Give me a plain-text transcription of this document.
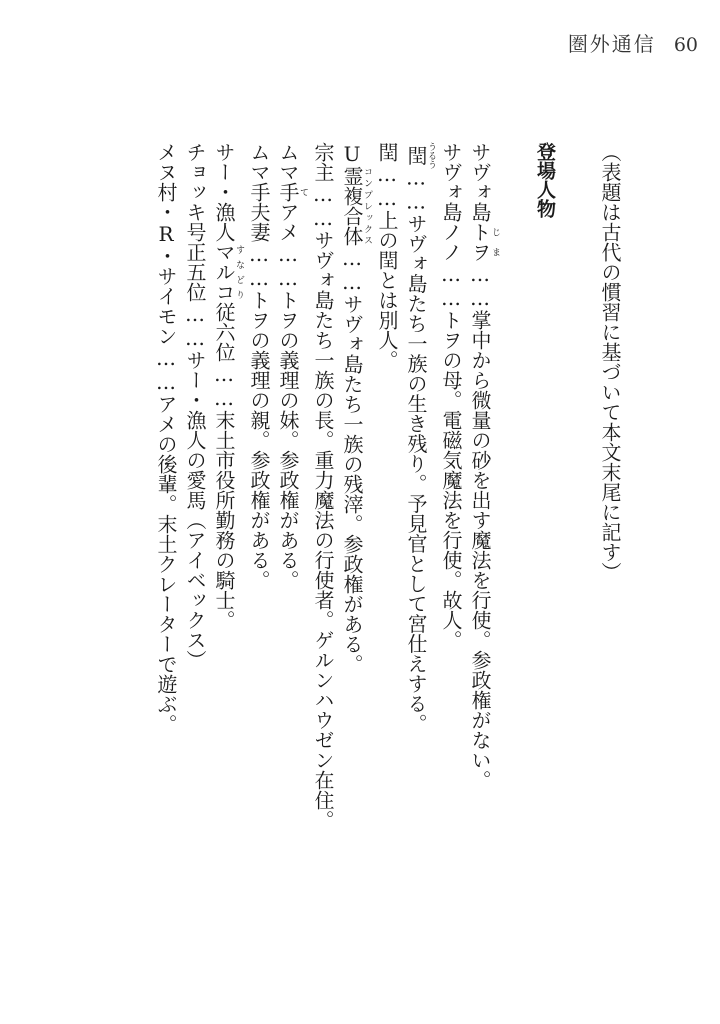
圏外通信 60
（表題は古代の慣習に基づいて本文末尾に記す）
登場人物
サヴォ島トヲじま……掌中から微量の砂を出す魔法を行使。参政権がない。
サヴォ島ノノ……トヲの母。電磁気魔法を行使。故人。
閏うるう……サヴォ島たち一族の生き残り。予見官として宮仕えする。
閏……上の閏とは別人。
U霊複合体コンプレックス……サヴォ島たち一族の残滓。参政権がある。
宗主……サヴォ島たち一族の長。重力魔法の行使者。ゲルンハウゼン在住。
ムマ手てアメ……トヲの義理の妹。参政権がある。
ムマ手夫妻……トヲの義理の親。参政権がある。
サー・漁人マルコすなどり従六位……末土市役所勤務の騎士。
チョッキ号正五位……サー・漁人の愛馬（アイベックス）
メヌ村・R・サイモン……アメの後輩。末土クレーターで遊ぶ。
